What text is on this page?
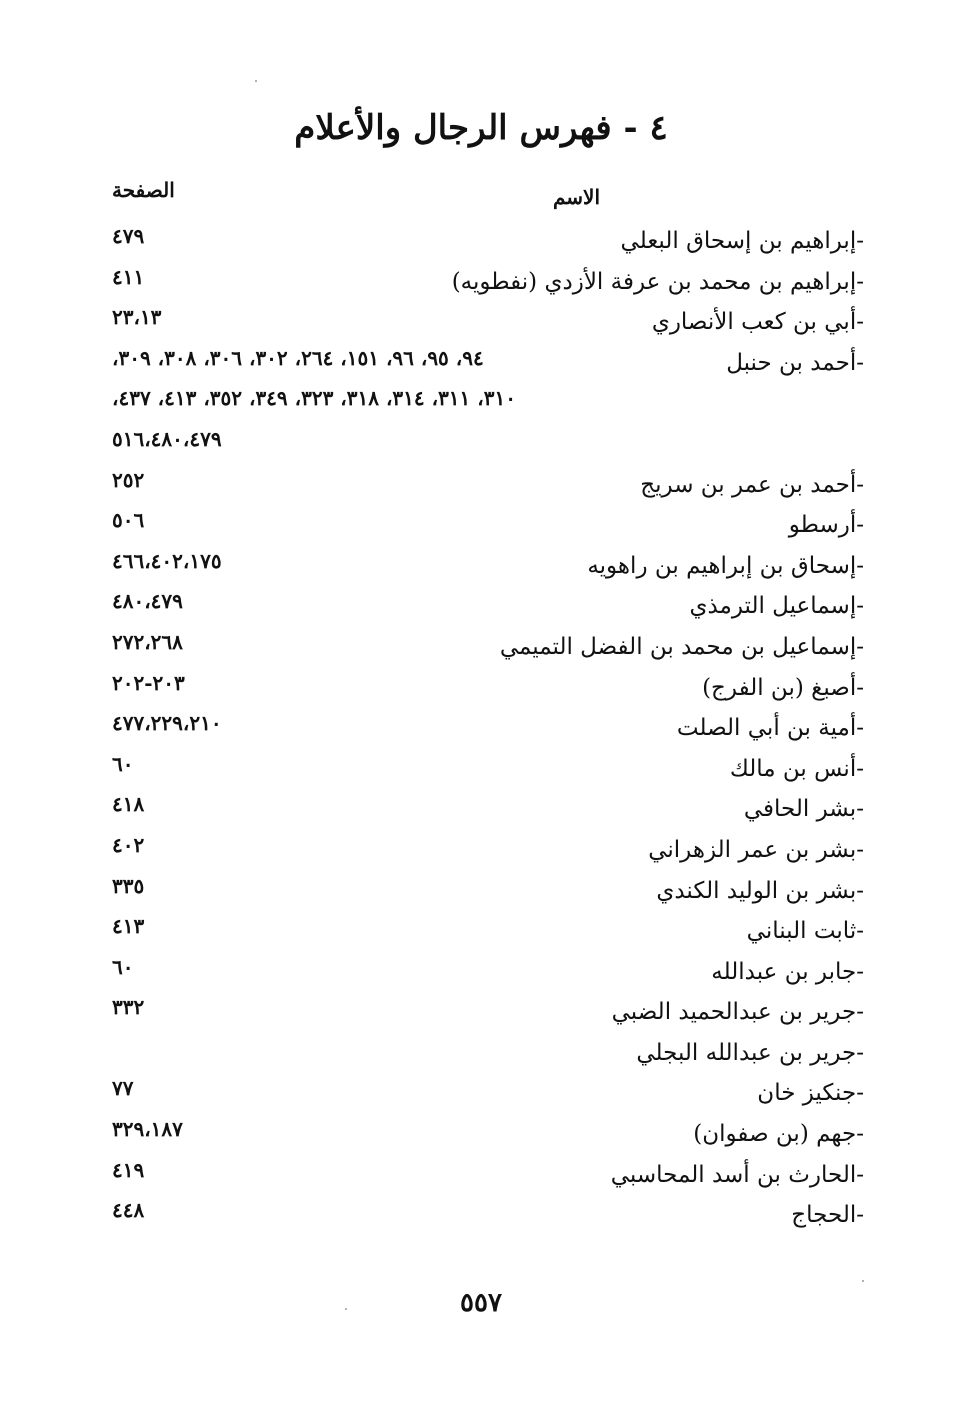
٤ - فهرس الرجال والأعلام
الصفحة	الاسم
-إبراهيم بن إسحاق البعلي
٤٧٩
-إبراهيم بن محمد بن عرفة الأزدي (نفطويه)
٤١١
-أبي بن كعب الأنصاري
٢٣،١٣
-أحمد بن حنبل
٩٤، ٩٥، ٩٦، ١٥١، ٢٦٤، ٣٠٢، ٣٠٦، ٣٠٨، ٣٠٩،
٣١٠، ٣١١، ٣١٤، ٣١٨، ٣٢٣، ٣٤٩، ٣٥٢، ٤١٣، ٤٣٧،
٥١٦،٤٨٠،٤٧٩
-أحمد بن عمر بن سريج
٢٥٢
-أرسطو
٥٠٦
-إسحاق بن إبراهيم بن راهويه
٤٦٦،٤٠٢،١٧٥
-إسماعيل الترمذي
٤٨٠،٤٧٩
-إسماعيل بن محمد بن الفضل التميمي
٢٧٢،٢٦٨
-أصبغ (بن الفرج)
٢٠٣-٢٠٢
-أمية بن أبي الصلت
٤٧٧،٢٢٩،٢١٠
-أنس بن مالك
٦٠
-بشر الحافي
٤١٨
-بشر بن عمر الزهراني
٤٠٢
-بشر بن الوليد الكندي
٣٣٥
-ثابت البناني
٤١٣
-جابر بن عبدالله
٦٠
-جرير بن عبدالحميد الضبي
٣٣٢
-جرير بن عبدالله البجلي
-جنكيز خان
٧٧
-جهم (بن صفوان)
٣٢٩،١٨٧
-الحارث بن أسد المحاسبي
٤١٩
-الحجاج
٤٤٨
٥٥٧
